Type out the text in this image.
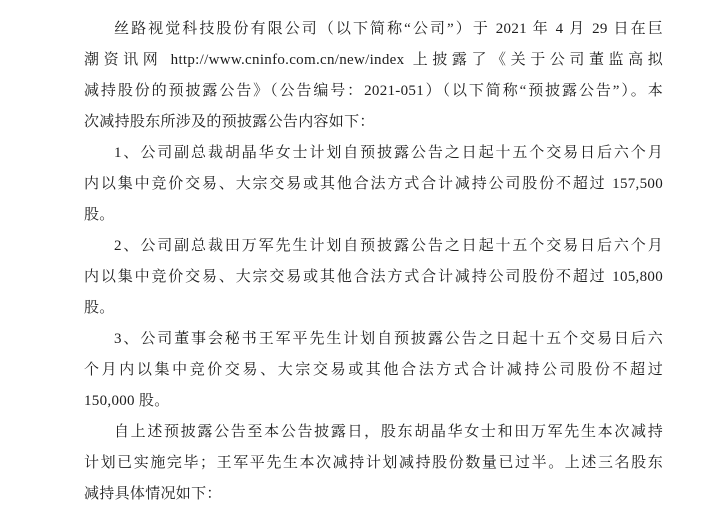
丝路视觉科技股份有限公司（以下简称“公司”）于 2021 年 4 月 29 日在巨
潮资讯网 http://www.cninfo.com.cn/new/index 上披露了《关于公司董监高拟
减持股份的预披露公告》（公告编号：2021-051）（以下简称“预披露公告”）。本
次减持股东所涉及的预披露公告内容如下：
1、公司副总裁胡晶华女士计划自预披露公告之日起十五个交易日后六个月
内以集中竞价交易、大宗交易或其他合法方式合计减持公司股份不超过 157,500
股。
2、公司副总裁田万军先生计划自预披露公告之日起十五个交易日后六个月
内以集中竞价交易、大宗交易或其他合法方式合计减持公司股份不超过 105,800
股。
3、公司董事会秘书王军平先生计划自预披露公告之日起十五个交易日后六
个月内以集中竞价交易、大宗交易或其他合法方式合计减持公司股份不超过
150,000 股。
自上述预披露公告至本公告披露日，股东胡晶华女士和田万军先生本次减持
计划已实施完毕；王军平先生本次减持计划减持股份数量已过半。上述三名股东
减持具体情况如下：
